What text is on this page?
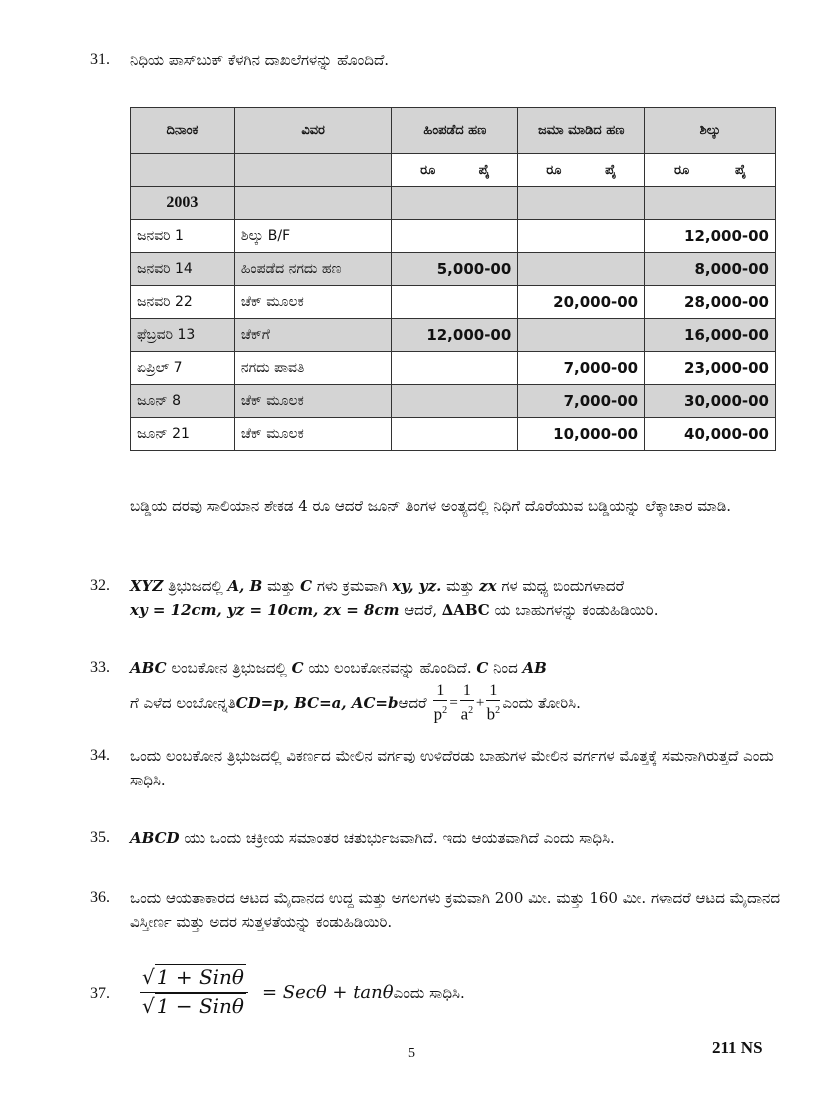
31. ನಿಧಿಯ ಪಾಸ್‌ಬುಕ್ ಕೆಳಗಿನ ದಾಖಲೆಗಳನ್ನು ಹೊಂದಿದೆ.
ದಿನಾಂಕ	ವಿವರ	ಹಿಂಪಡೆದ ಹಣ	ಜಮಾ ಮಾಡಿದ ಹಣ	ಶಿಲ್ಕು

		ರೂ ಪೈ	ರೂ ಪೈ	ರೂ ಪೈ

2003				
ಜನವರಿ 1	ಶಿಲ್ಕು B/F			12,000-00
ಜನವರಿ 14	ಹಿಂಪಡೆದ ನಗದು ಹಣ	5,000-00		8,000-00
ಜನವರಿ 22	ಚೆಕ್ ಮೂಲಕ		20,000-00	28,000-00
ಫೆಬ್ರವರಿ 13	ಚೆಕ್‌ಗೆ	12,000-00		16,000-00
ಏಪ್ರಿಲ್ 7	ನಗದು ಪಾವತಿ		7,000-00	23,000-00
ಜೂನ್ 8	ಚೆಕ್ ಮೂಲಕ		7,000-00	30,000-00
ಜೂನ್ 21	ಚೆಕ್ ಮೂಲಕ		10,000-00	40,000-00
ಬಡ್ಡಿಯ ದರವು ಸಾಲಿಯಾನ ಶೇಕಡ 4 ರೂ ಆದರೆ ಜೂನ್ ತಿಂಗಳ ಅಂತ್ಯದಲ್ಲಿ ನಿಧಿಗೆ ದೊರೆಯುವ ಬಡ್ಡಿಯನ್ನು ಲೆಕ್ಕಾಚಾರ ಮಾಡಿ.
32. XYZ ತ್ರಿಭುಜದಲ್ಲಿ A, B ಮತ್ತು C ಗಳು ಕ್ರಮವಾಗಿ xy, yz. ಮತ್ತು zx ಗಳ ಮಧ್ಯ ಬಿಂದುಗಳಾದರೆ
xy = 12cm, yz = 10cm, zx = 8cm ಆದರೆ, ∆ABC ಯ ಬಾಹುಗಳನ್ನು ಕಂಡುಹಿಡಿಯಿರಿ.
33. ABC ಲಂಬಕೋನ ತ್ರಿಭುಜದಲ್ಲಿ C ಯು ಲಂಬಕೋನವನ್ನು ಹೊಂದಿದೆ. C ನಿಂದ AB

ಗೆ ಎಳೆದ ಲಂಬೋನ್ನತಿ CD=p, BC=a, AC=b ಆದರೆ
$\frac{1}{p^2} = \frac{1}{a^2} + \frac{1}{b^2}$ ಎಂದು ತೋರಿಸಿ.
34. ಒಂದು ಲಂಬಕೋನ ತ್ರಿಭುಜದಲ್ಲಿ ವಿಕರ್ಣದ ಮೇಲಿನ ವರ್ಗವು ಉಳಿದೆರಡು ಬಾಹುಗಳ ಮೇಲಿನ ವರ್ಗಗಳ ಮೊತ್ತಕ್ಕೆ ಸಮನಾಗಿರುತ್ತದೆ ಎಂದು ಸಾಧಿಸಿ.
35. ABCD ಯು ಒಂದು ಚಕ್ರೀಯ ಸಮಾಂತರ ಚತುರ್ಭುಜವಾಗಿದೆ. ಇದು ಆಯತವಾಗಿದೆ ಎಂದು ಸಾಧಿಸಿ.
36. ಒಂದು ಆಯತಾಕಾರದ ಆಟದ ಮೈದಾನದ ಉದ್ದ ಮತ್ತು ಅಗಲಗಳು ಕ್ರಮವಾಗಿ 200 ಮೀ. ಮತ್ತು 160 ಮೀ. ಗಳಾದರೆ ಆಟದ ಮೈದಾನದ ವಿಸ್ತೀರ್ಣ ಮತ್ತು ಅದರ ಸುತ್ತಳತೆಯನ್ನು ಕಂಡುಹಿಡಿಯಿರಿ.
37. $\frac{\text{√ 1 + Sinθ}}{\text{√ 1 − Sinθ}} = Sec\theta + \tan\theta$ ಎಂದು ಸಾಧಿಸಿ.
5	211 NS
